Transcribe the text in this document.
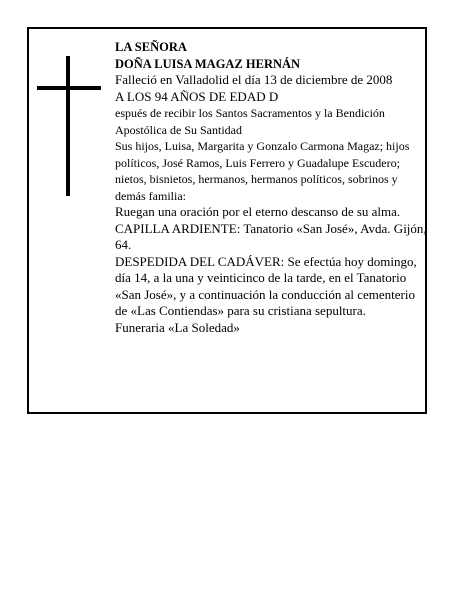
LA SEÑORA

DOÑA LUISA MAGAZ HERNÁN

Falleció en Valladolid el día 13 de diciembre de 2008

A LOS 94 AÑOS DE EDAD D

espués de recibir los Santos Sacramentos y la Bendición Apostólica de Su Santidad

Sus hijos, Luisa, Margarita y Gonzalo Carmona Magaz; hijos políticos, José Ramos, Luis Ferrero y Guadalupe Escudero; nietos, bisnietos, hermanos, hermanos políticos, sobrinos y demás familia:

Ruegan una oración por el eterno descanso de su alma.

CAPILLA ARDIENTE: Tanatorio «San José», Avda. Gijón, 64.

DESPEDIDA DEL CADÁVER: Se efectúa hoy domingo, día 14, a la una y veinticinco de la tarde, en el Tanatorio «San José», y a continuación la conducción al cementerio de «Las Contiendas» para su cristiana sepultura.

Funeraria «La Soledad»
